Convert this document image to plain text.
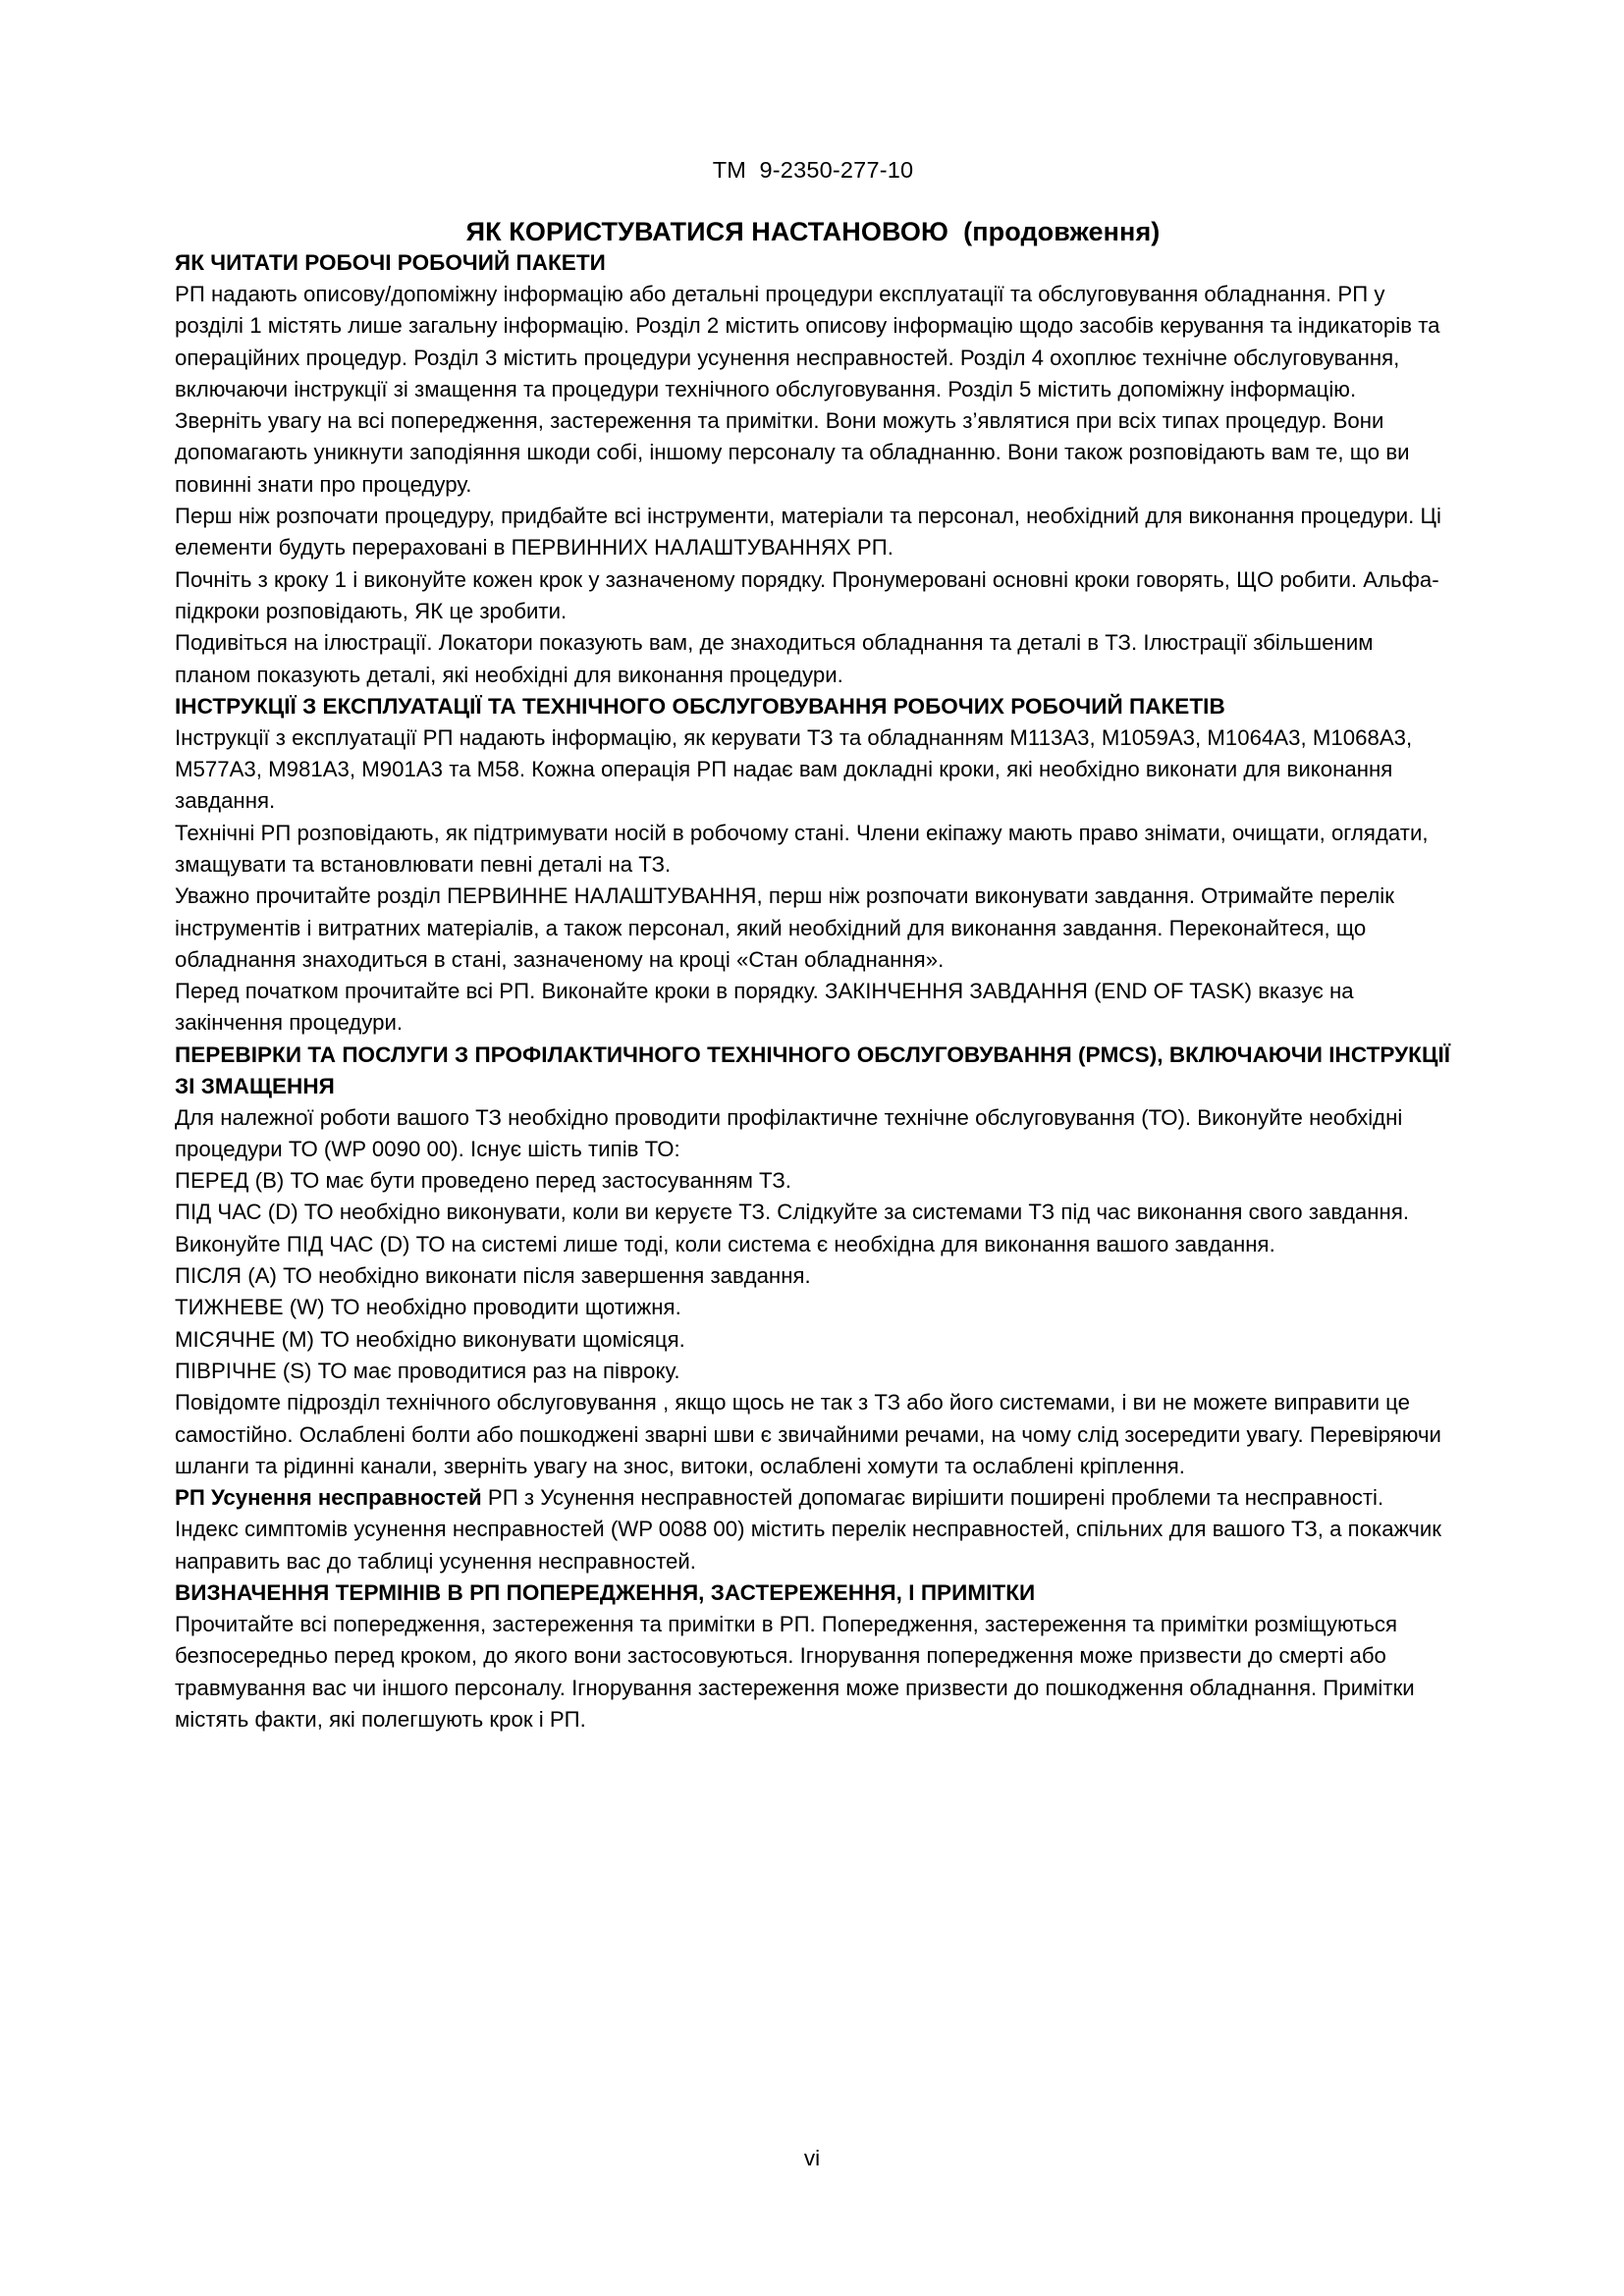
TM  9-2350-277-10
ЯК КОРИСТУВАТИСЯ НАСТАНОВОЮ  (продовження)
ЯК ЧИТАТИ РОБОЧІ РОБОЧИЙ ПАКЕТИ

РП надають описову/допоміжну інформацію або детальні процедури експлуатації та обслуговування обладнання. РП у розділі 1 містять лише загальну інформацію. Розділ 2 містить описову інформацію щодо засобів керування та індикаторів та операційних процедур. Розділ 3 містить процедури усунення несправностей. Розділ 4 охоплює технічне обслуговування, включаючи інструкції зі змащення та процедури технічного обслуговування. Розділ 5 містить допоміжну інформацію.

Зверніть увагу на всі попередження, застереження та примітки. Вони можуть з’являтися при всіх типах процедур. Вони допомагають уникнути заподіяння шкоди собі, іншому персоналу та обладнанню. Вони також розповідають вам те, що ви повинні знати про процедуру.

Перш ніж розпочати процедуру, придбайте всі інструменти, матеріали та персонал, необхідний для виконання процедури. Ці елементи будуть перераховані в ПЕРВИННИХ НАЛАШТУВАННЯХ РП.

Почніть з кроку 1 і виконуйте кожен крок у зазначеному порядку. Пронумеровані основні кроки говорять, ЩО робити. Альфа-підкроки розповідають, ЯК це зробити.

Подивіться на ілюстрації. Локатори показують вам, де знаходиться обладнання та деталі в ТЗ. Ілюстрації збільшеним планом показують деталі, які необхідні для виконання процедури.

ІНСТРУКЦІЇ З ЕКСПЛУАТАЦІЇ ТА ТЕХНІЧНОГО ОБСЛУГОВУВАННЯ РОБОЧИХ РОБОЧИЙ ПАКЕТІВ

Інструкції з експлуатації РП надають інформацію, як керувати ТЗ та обладнанням M113A3, M1059A3, M1064A3, M1068A3, M577A3, M981A3, M901A3 та M58. Кожна операція РП надає вам докладні кроки, які необхідно виконати для виконання завдання.

Технічні РП розповідають, як підтримувати носій в робочому стані. Члени екіпажу мають право знімати, очищати, оглядати, змащувати та встановлювати певні деталі на ТЗ.

Уважно прочитайте розділ ПЕРВИННЕ НАЛАШТУВАННЯ, перш ніж розпочати виконувати завдання. Отримайте перелік інструментів і витратних матеріалів, а також персонал, який необхідний для виконання завдання. Переконайтеся, що обладнання знаходиться в стані, зазначеному на кроці «Стан обладнання».

Перед початком прочитайте всі РП. Виконайте кроки в порядку. ЗАКІНЧЕННЯ ЗАВДАННЯ (END OF TASK) вказує на закінчення процедури.

ПЕРЕВІРКИ ТА ПОСЛУГИ З ПРОФІЛАКТИЧНОГО ТЕХНІЧНОГО ОБСЛУГОВУВАННЯ (PMCS), ВКЛЮЧАЮЧИ ІНСТРУКЦІЇ ЗІ ЗМАЩЕННЯ

Для належної роботи вашого ТЗ необхідно проводити профілактичне технічне обслуговування (ТО). Виконуйте необхідні процедури ТО (WP 0090 00). Існує шість типів ТО:

ПЕРЕД (B) ТО має бути проведено перед застосуванням ТЗ.

ПІД ЧАС (D) ТО необхідно виконувати, коли ви керуєте ТЗ. Слідкуйте за системами ТЗ під час виконання свого завдання. Виконуйте ПІД ЧАС (D) ТО на системі лише тоді, коли система є необхідна для виконання вашого завдання.

ПІСЛЯ (A) ТО необхідно виконати після завершення завдання.

ТИЖНЕВЕ (W) ТО необхідно проводити щотижня.

МІСЯЧНЕ (M) ТО необхідно виконувати щомісяця.

ПІВРІЧНЕ (S) ТО має проводитися раз на півроку.

Повідомте підрозділ технічного обслуговування , якщо щось не так з ТЗ або його системами, і ви не можете виправити це самостійно. Ослаблені болти або пошкоджені зварні шви є звичайними речами, на чому слід зосередити увагу. Перевіряючи шланги та рідинні канали, зверніть увагу на знос, витоки, ослаблені хомути та ослаблені кріплення.

РП Усунення несправностей РП з Усунення несправностей допомагає вирішити поширені проблеми та несправності. Індекс симптомів усунення несправностей (WP 0088 00) містить перелік несправностей, спільних для вашого ТЗ, а покажчик направить вас до таблиці усунення несправностей.

ВИЗНАЧЕННЯ ТЕРМІНІВ В РП ПОПЕРЕДЖЕННЯ, ЗАСТЕРЕЖЕННЯ, І ПРИМІТКИ

Прочитайте всі попередження, застереження та примітки в РП. Попередження, застереження та примітки розміщуються безпосередньо перед кроком, до якого вони застосовуються. Ігнорування попередження може призвести до смерті або травмування вас чи іншого персоналу. Ігнорування застереження може призвести до пошкодження обладнання. Примітки містять факти, які полегшують крок і РП.

vi
